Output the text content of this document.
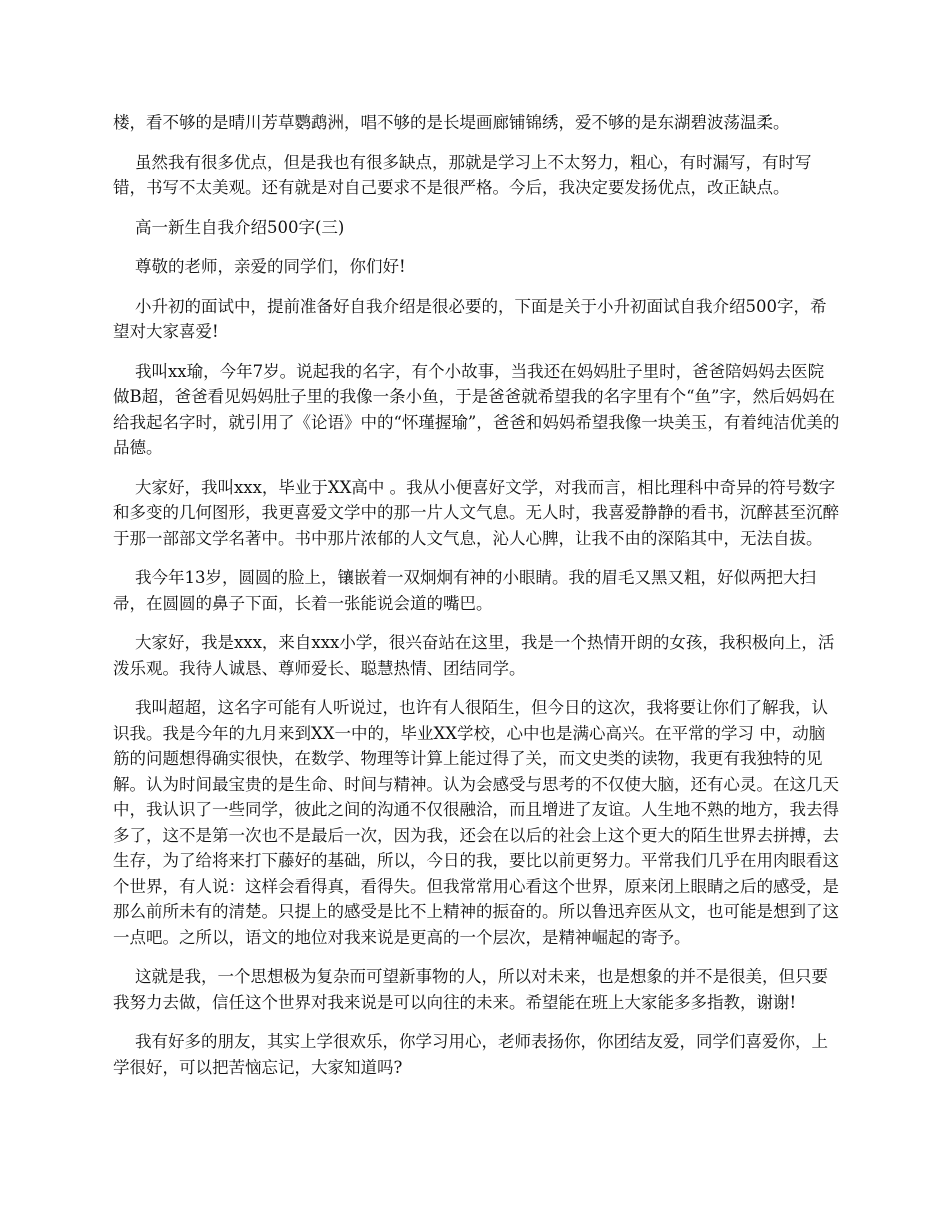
楼，看不够的是晴川芳草鹦鹉洲，唱不够的是长堤画廊铺锦绣，爱不够的是东湖碧波荡温柔。

虽然我有很多优点，但是我也有很多缺点，那就是学习上不太努力，粗心，有时漏写，有时写错，书写不太美观。还有就是对自己要求不是很严格。今后，我决定要发扬优点，改正缺点。

高一新生自我介绍500字(三)

尊敬的老师，亲爱的同学们，你们好!

小升初的面试中，提前准备好自我介绍是很必要的，下面是关于小升初面试自我介绍500字，希望对大家喜爱!

我叫xx瑜，今年7岁。说起我的名字，有个小故事，当我还在妈妈肚子里时，爸爸陪妈妈去医院做B超，爸爸看见妈妈肚子里的我像一条小鱼，于是爸爸就希望我的名字里有个“鱼”字，然后妈妈在给我起名字时，就引用了《论语》中的“怀瑾握瑜”，爸爸和妈妈希望我像一块美玉，有着纯洁优美的品德。

大家好，我叫xxx，毕业于XX高中 。我从小便喜好文学，对我而言，相比理科中奇异的符号数字和多变的几何图形，我更喜爱文学中的那一片人文气息。无人时，我喜爱静静的看书，沉醉甚至沉醉于那一部部文学名著中。书中那片浓郁的人文气息，沁人心脾，让我不由的深陷其中，无法自拔。

我今年13岁，圆圆的脸上，镶嵌着一双炯炯有神的小眼睛。我的眉毛又黑又粗，好似两把大扫帚，在圆圆的鼻子下面，长着一张能说会道的嘴巴。

大家好，我是xxx，来自xxx小学，很兴奋站在这里，我是一个热情开朗的女孩，我积极向上，活泼乐观。我待人诚恳、尊师爱长、聪慧热情、团结同学。

我叫超超，这名字可能有人听说过，也许有人很陌生，但今日的这次，我将要让你们了解我，认识我。我是今年的九月来到XX一中的，毕业XX学校，心中也是满心高兴。在平常的学习 中，动脑筋的问题想得确实很快，在数学、物理等计算上能过得了关，而文史类的读物，我更有我独特的见解。认为时间最宝贵的是生命、时间与精神。认为会感受与思考的不仅使大脑，还有心灵。在这几天中，我认识了一些同学，彼此之间的沟通不仅很融洽，而且增进了友谊。人生地不熟的地方，我去得多了，这不是第一次也不是最后一次，因为我，还会在以后的社会上这个更大的陌生世界去拼搏，去生存，为了给将来打下藤好的基础，所以，今日的我，要比以前更努力。平常我们几乎在用肉眼看这个世界，有人说：这样会看得真，看得失。但我常常用心看这个世界，原来闭上眼睛之后的感受，是那么前所未有的清楚。只提上的感受是比不上精神的振奋的。所以鲁迅弃医从文，也可能是想到了这一点吧。之所以，语文的地位对我来说是更高的一个层次，是精神崛起的寄予。

这就是我，一个思想极为复杂而可望新事物的人，所以对未来，也是想象的并不是很美，但只要我努力去做，信任这个世界对我来说是可以向往的未来。希望能在班上大家能多多指教，谢谢!

我有好多的朋友，其实上学很欢乐，你学习用心，老师表扬你，你团结友爱，同学们喜爱你，上学很好，可以把苦恼忘记，大家知道吗?
